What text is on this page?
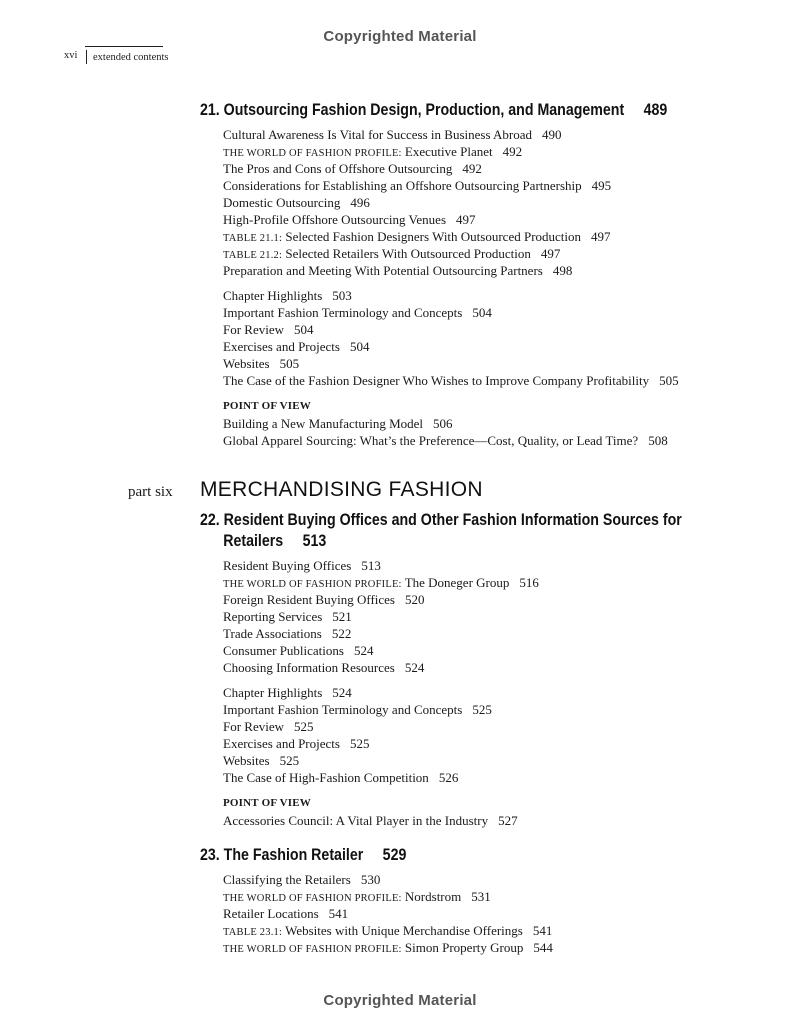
Copyrighted Material
xvi	extended contents
21. Outsourcing Fashion Design, Production, and Management 489
Cultural Awareness Is Vital for Success in Business Abroad 490
THE WORLD OF FASHION PROFILE: Executive Planet 492
The Pros and Cons of Offshore Outsourcing 492
Considerations for Establishing an Offshore Outsourcing Partnership 495
Domestic Outsourcing 496
High-Profile Offshore Outsourcing Venues 497
TABLE 21.1: Selected Fashion Designers With Outsourced Production 497
TABLE 21.2: Selected Retailers With Outsourced Production 497
Preparation and Meeting With Potential Outsourcing Partners 498
Chapter Highlights 503
Important Fashion Terminology and Concepts 504
For Review 504
Exercises and Projects 504
Websites 505
The Case of the Fashion Designer Who Wishes to Improve Company Profitability 505
POINT OF VIEW
Building a New Manufacturing Model 506
Global Apparel Sourcing: What’s the Preference—Cost, Quality, or Lead Time? 508
part six MERCHANDISING FASHION
22. Resident Buying Offices and Other Fashion Information Sources for
Retailers 513
Resident Buying Offices 513
THE WORLD OF FASHION PROFILE: The Doneger Group 516
Foreign Resident Buying Offices 520
Reporting Services 521
Trade Associations 522
Consumer Publications 524
Choosing Information Resources 524
Chapter Highlights 524
Important Fashion Terminology and Concepts 525
For Review 525
Exercises and Projects 525
Websites 525
The Case of High-Fashion Competition 526
POINT OF VIEW
Accessories Council: A Vital Player in the Industry 527
23. The Fashion Retailer 529
Classifying the Retailers 530
THE WORLD OF FASHION PROFILE: Nordstrom 531
Retailer Locations 541
TABLE 23.1: Websites with Unique Merchandise Offerings 541
THE WORLD OF FASHION PROFILE: Simon Property Group 544
Copyrighted Material
